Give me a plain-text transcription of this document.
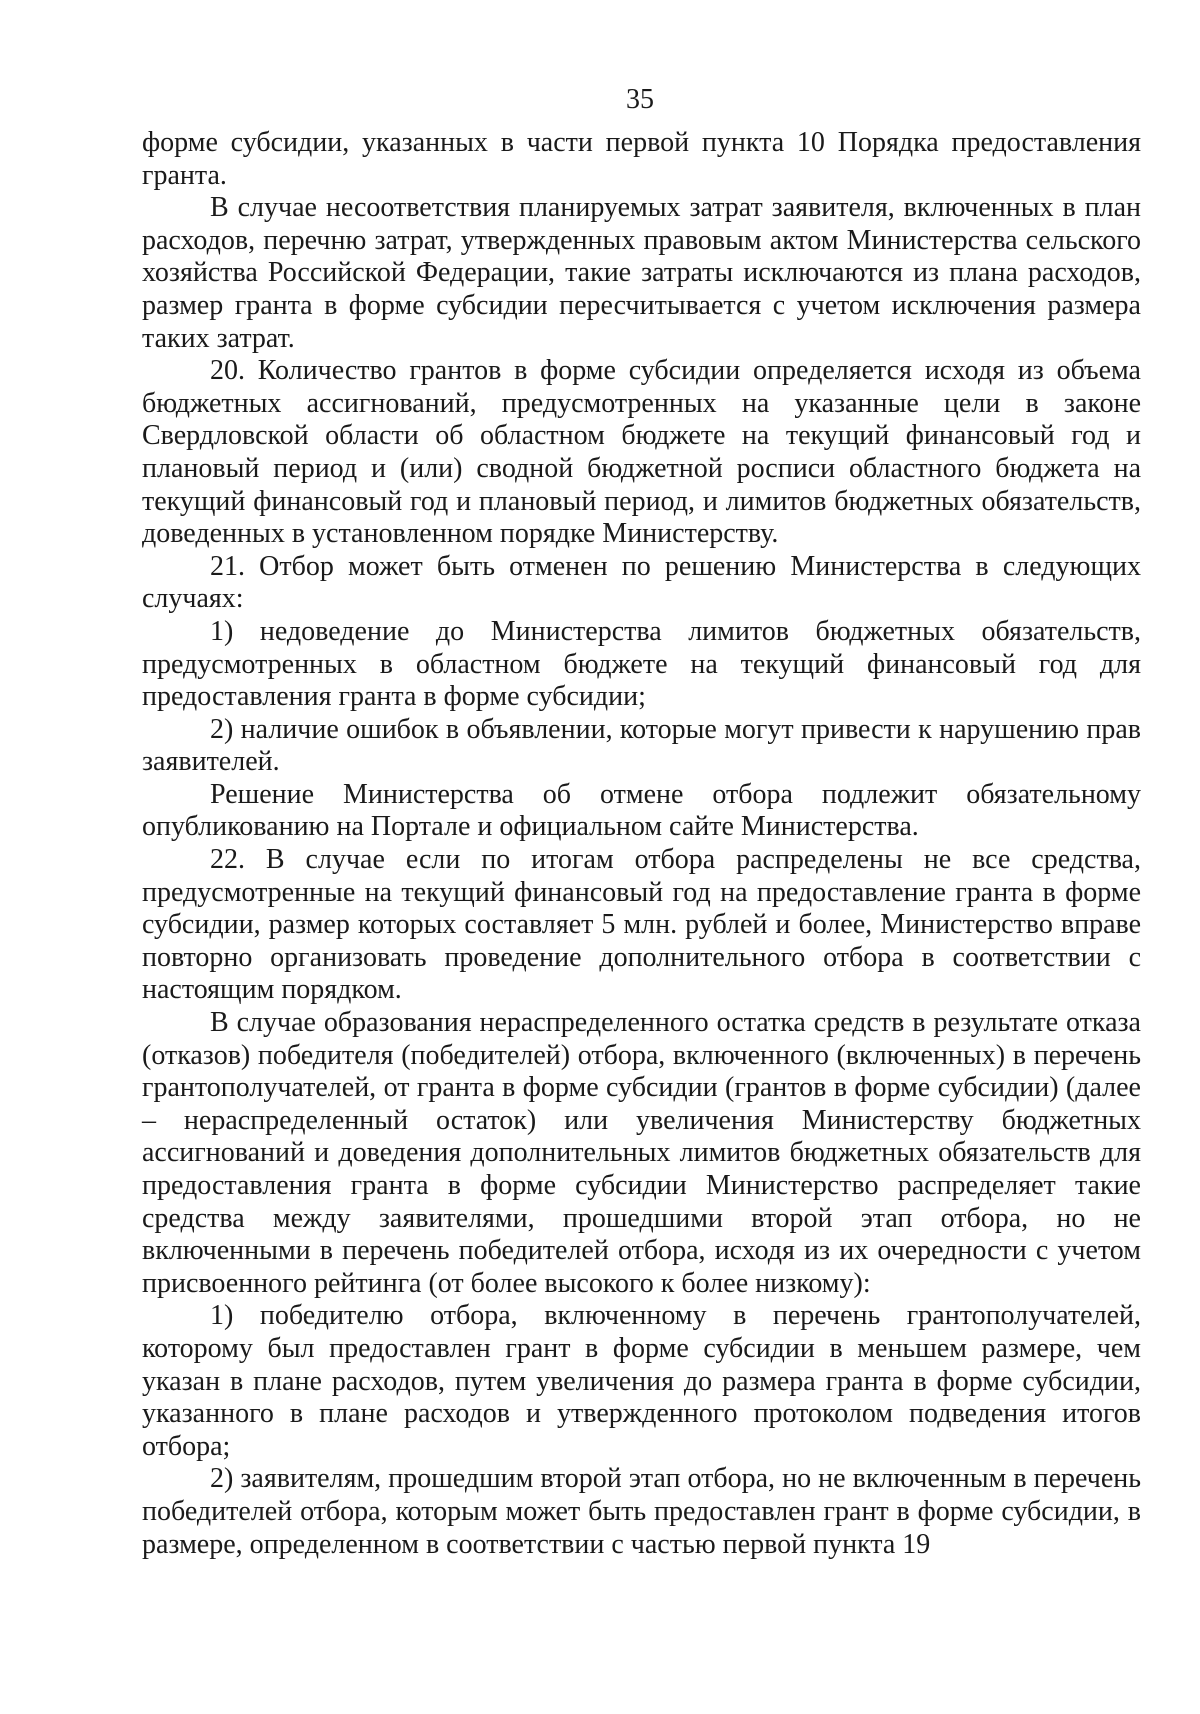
35

форме субсидии, указанных в части первой пункта 10 Порядка предоставления гранта.

В случае несоответствия планируемых затрат заявителя, включенных в план расходов, перечню затрат, утвержденных правовым актом Министерства сельского хозяйства Российской Федерации, такие затраты исключаются из плана расходов, размер гранта в форме субсидии пересчитывается с учетом исключения размера таких затрат.

20. Количество грантов в форме субсидии определяется исходя из объема бюджетных ассигнований, предусмотренных на указанные цели в законе Свердловской области об областном бюджете на текущий финансовый год и плановый период и (или) сводной бюджетной росписи областного бюджета на текущий финансовый год и плановый период, и лимитов бюджетных обязательств, доведенных в установленном порядке Министерству.

21. Отбор может быть отменен по решению Министерства в следующих случаях:

1) недоведение до Министерства лимитов бюджетных обязательств, предусмотренных в областном бюджете на текущий финансовый год для предоставления гранта в форме субсидии;

2) наличие ошибок в объявлении, которые могут привести к нарушению прав заявителей.

Решение Министерства об отмене отбора подлежит обязательному опубликованию на Портале и официальном сайте Министерства.

22. В случае если по итогам отбора распределены не все средства, предусмотренные на текущий финансовый год на предоставление гранта в форме субсидии, размер которых составляет 5 млн. рублей и более, Министерство вправе повторно организовать проведение дополнительного отбора в соответствии с настоящим порядком.

В случае образования нераспределенного остатка средств в результате отказа (отказов) победителя (победителей) отбора, включенного (включенных) в перечень грантополучателей, от гранта в форме субсидии (грантов в форме субсидии) (далее – нераспределенный остаток) или увеличения Министерству бюджетных ассигнований и доведения дополнительных лимитов бюджетных обязательств для предоставления гранта в форме субсидии Министерство распределяет такие средства между заявителями, прошедшими второй этап отбора, но не включенными в перечень победителей отбора, исходя из их очередности с учетом присвоенного рейтинга (от более высокого к более низкому):

1) победителю отбора, включенному в перечень грантополучателей, которому был предоставлен грант в форме субсидии в меньшем размере, чем указан в плане расходов, путем увеличения до размера гранта в форме субсидии, указанного в плане расходов и утвержденного протоколом подведения итогов отбора;

2) заявителям, прошедшим второй этап отбора, но не включенным в перечень победителей отбора, которым может быть предоставлен грант в форме субсидии, в размере, определенном в соответствии с частью первой пункта 19
